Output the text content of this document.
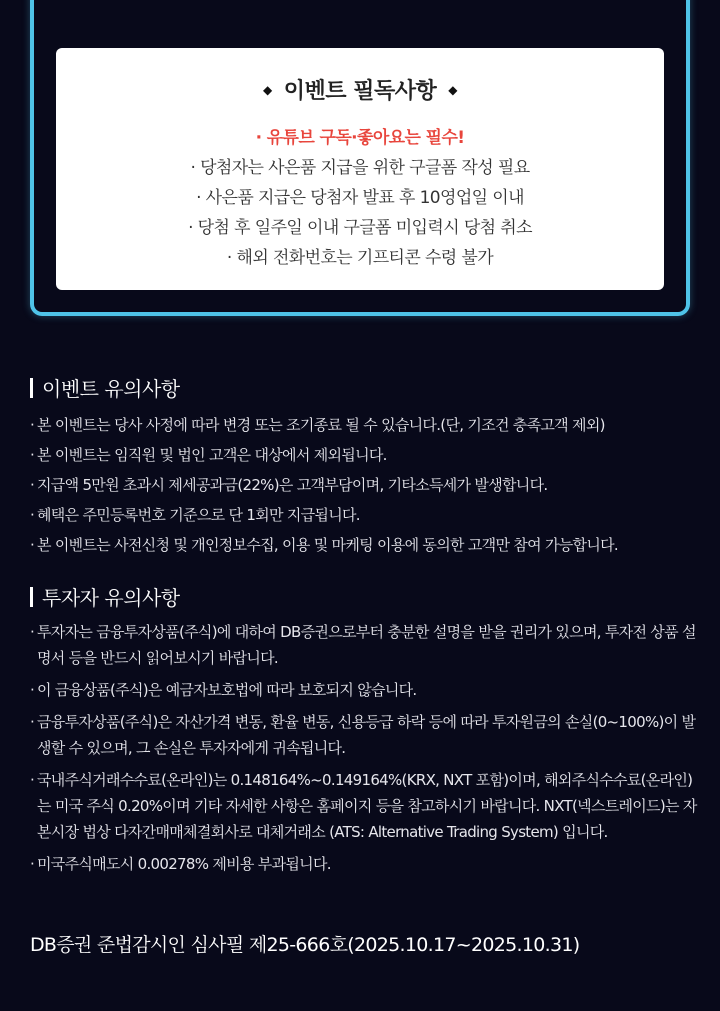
◆ 이벤트 필독사항 ◆
· 유튜브 구독·좋아요는 필수!
· 당첨자는 사은품 지급을 위한 구글폼 작성 필요
· 사은품 지급은 당첨자 발표 후 10영업일 이내
· 당첨 후 일주일 이내 구글폼 미입력시 당첨 취소
· 해외 전화번호는 기프티콘 수령 불가
이벤트 유의사항
· 본 이벤트는 당사 사정에 따라 변경 또는 조기종료 될 수 있습니다.(단, 기조건 충족고객 제외)
· 본 이벤트는 임직원 및 법인 고객은 대상에서 제외됩니다.
· 지급액 5만원 초과시 제세공과금(22%)은 고객부담이며, 기타소득세가 발생합니다.
· 혜택은 주민등록번호 기준으로 단 1회만 지급됩니다.
· 본 이벤트는 사전신청 및 개인정보수집, 이용 및 마케팅 이용에 동의한 고객만 참여 가능합니다.
투자자 유의사항
· 투자자는 금융투자상품(주식)에 대하여 DB증권으로부터 충분한 설명을 받을 권리가 있으며, 투자전 상품 설명서 등을 반드시 읽어보시기 바랍니다.
· 이 금융상품(주식)은 예금자보호법에 따라 보호되지 않습니다.
· 금융투자상품(주식)은 자산가격 변동, 환율 변동, 신용등급 하락 등에 따라 투자원금의 손실(0~100%)이 발생할 수 있으며, 그 손실은 투자자에게 귀속됩니다.
· 국내주식거래수수료(온라인)는 0.148164%~0.149164%(KRX, NXT 포함)이며, 해외주식수수료(온라인)는 미국 주식 0.20%이며 기타 자세한 사항은 홈페이지 등을 참고하시기 바랍니다. NXT(넥스트레이드)는 자본시장 법상 다자간매매체결회사로 대체거래소 (ATS: Alternative Trading System) 입니다.
· 미국주식매도시 0.00278% 제비용 부과됩니다.
DB증권 준법감시인 심사필 제25-666호(2025.10.17~2025.10.31)
